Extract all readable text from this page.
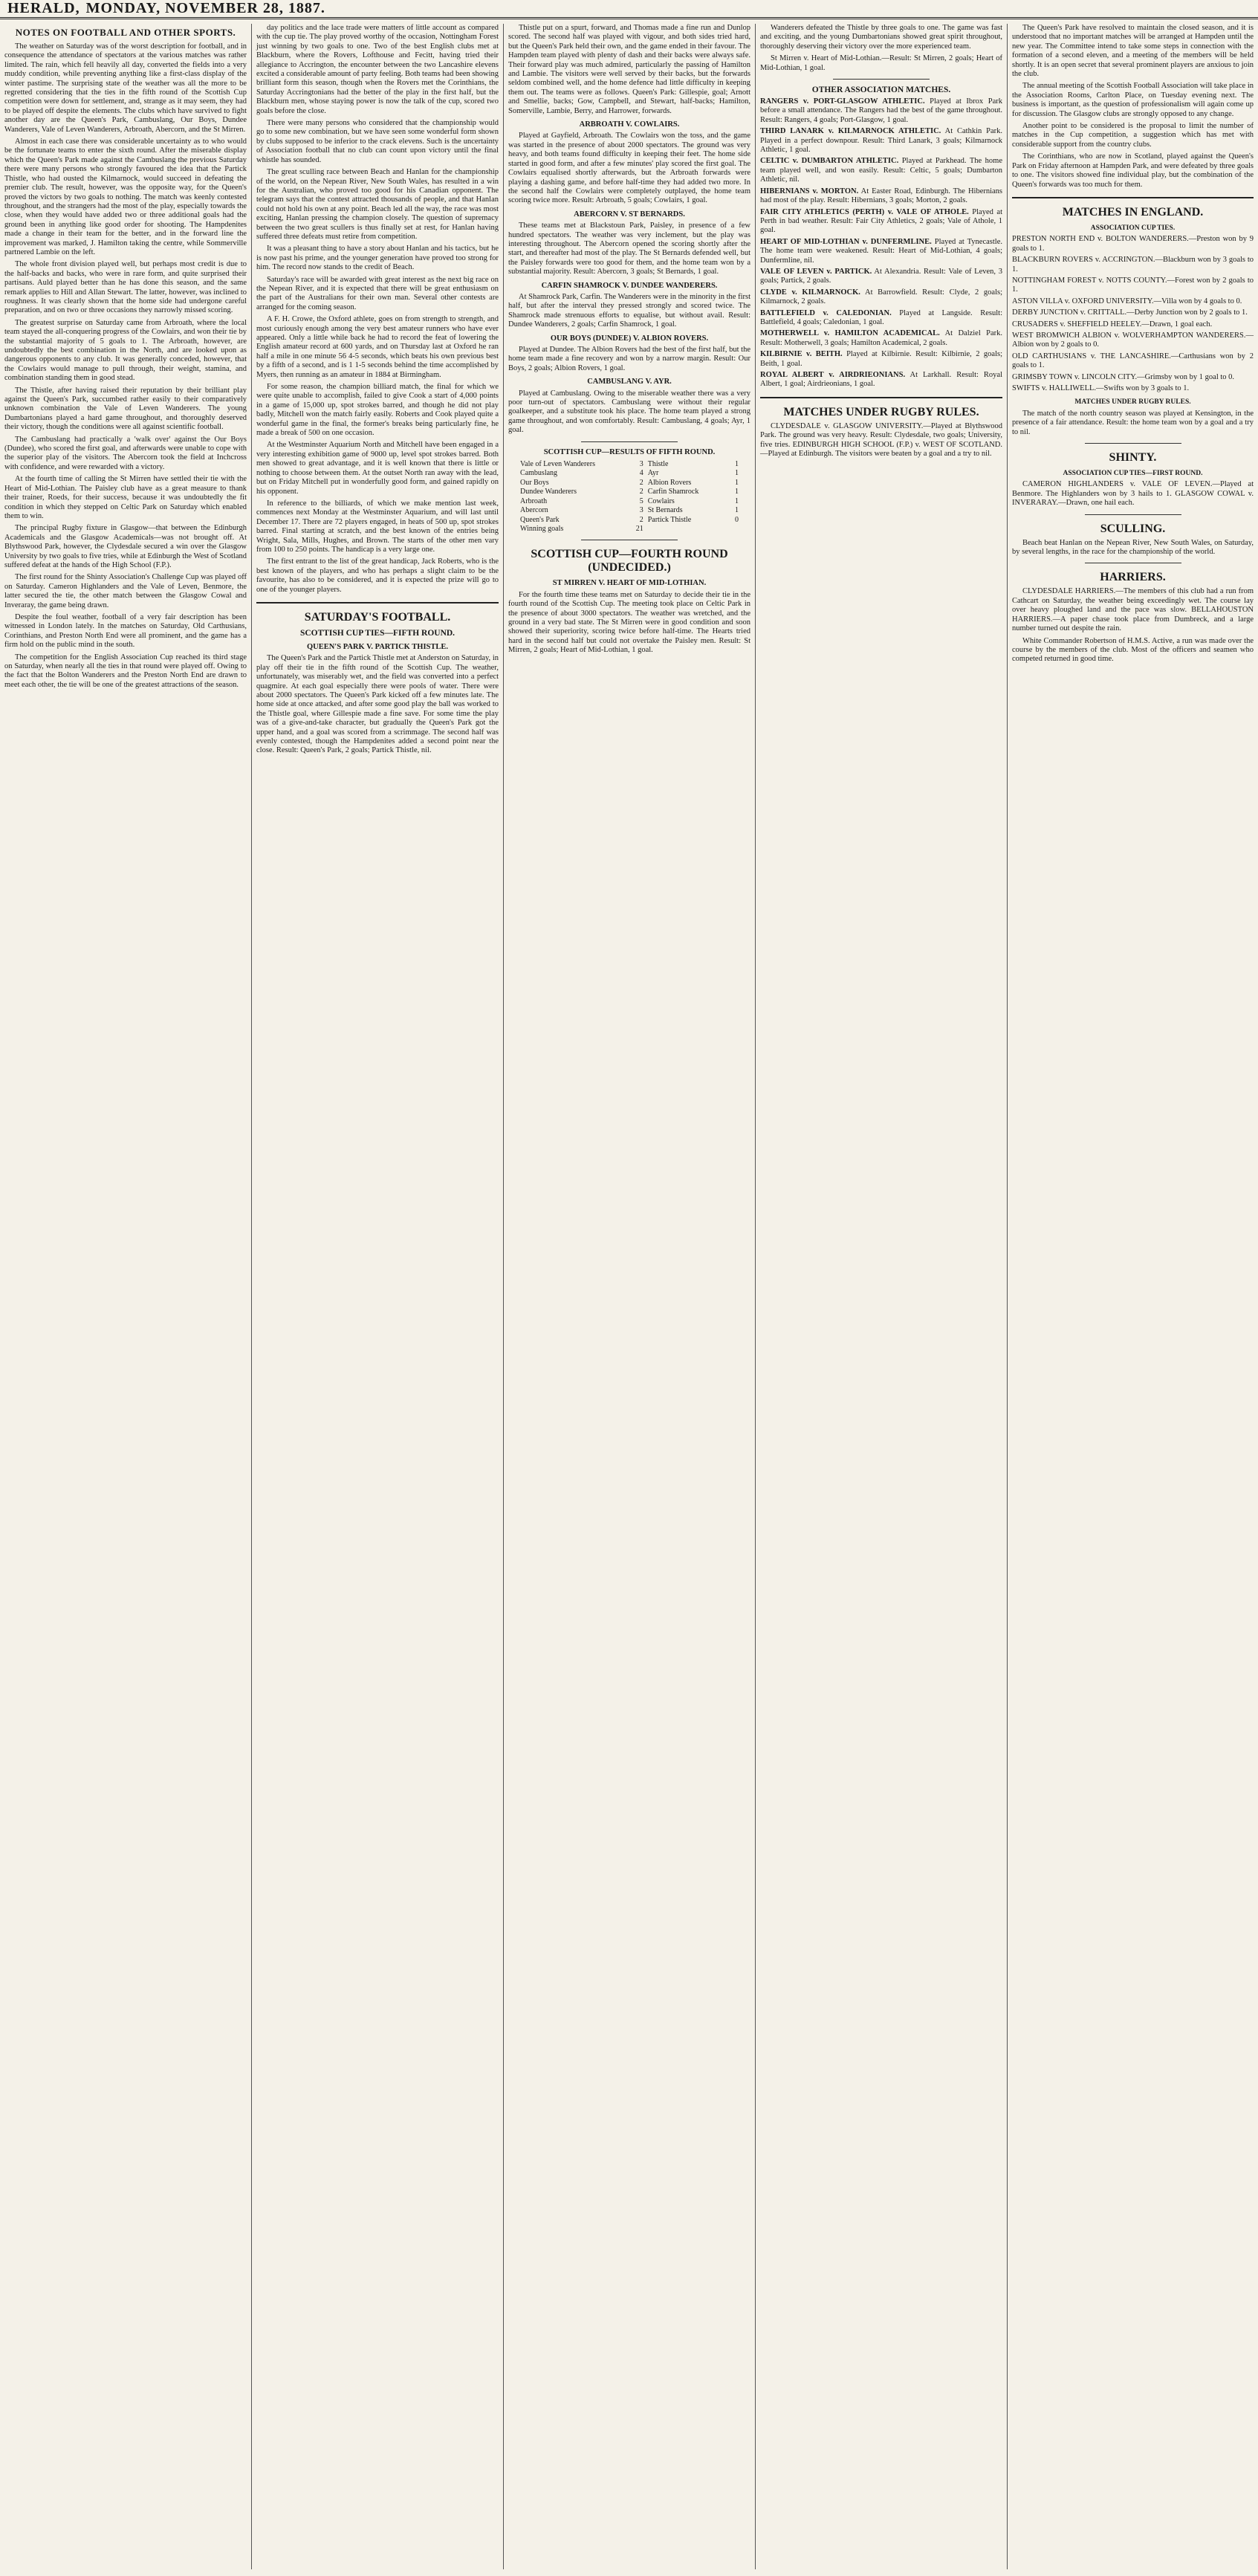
HERALD, MONDAY, NOVEMBER 28, 1887.
NOTES ON FOOTBALL AND OTHER SPORTS.

The weather on Saturday was of the worst description for football, and in consequence the attendance of spectators at the various matches was rather limited. The rain, which fell heavily all day, converted the fields into a very muddy condition, while preventing anything like a first-class display of the winter pastime. The surprising state of the weather was all the more to be regretted considering that the ties in the fifth round of the Scottish Cup competition were down for settlement, and, strange as it may seem, they had to be played off despite the elements. The clubs which have survived to fight another day are the Queen's Park, Cambuslang, Our Boys, Dundee Wanderers, Vale of Leven Wanderers, Arbroath, Abercorn, and the St Mirren.

Almost in each case there was considerable uncertainty as to who would be the fortunate teams to enter the sixth round. After the miserable display which the Queen's Park made against the Cambuslang the previous Saturday there were many persons who strongly favoured the idea that the Partick Thistle, who had ousted the Kilmarnock, would succeed in defeating the premier club. The result, however, was the opposite way, for the Queen's proved the victors by two goals to nothing. The match was keenly contested throughout, and the strangers had the most of the play, especially towards the close, when they would have added two or three additional goals had the ground been in anything like good order for shooting. The Hampdenites made a change in their team for the better, and in the forward line the improvement was marked, J. Hamilton taking the centre, while Sommerville partnered Lambie on the left.

The whole front division played well, but perhaps most credit is due to the half-backs and backs, who were in rare form, and quite surprised their partisans. Auld played better than he has done this season, and the same remark applies to Hill and Allan Stewart. The latter, however, was inclined to roughness. It was clearly shown that the home side had undergone careful preparation, and on two or three occasions they narrowly missed scoring.

The greatest surprise on Saturday came from Arbroath, where the local team stayed the all-conquering progress of the Cowlairs, and won their tie by the substantial majority of 5 goals to 1. The Arbroath, however, are undoubtedly the best combination in the North, and are looked upon as dangerous opponents to any club. It was generally conceded, however, that the Cowlairs would manage to pull through, their weight, stamina, and combination standing them in good stead.

The Thistle, after having raised their reputation by their brilliant play against the Queen's Park, succumbed rather easily to their comparatively unknown combination the Vale of Leven Wanderers. The young Dumbartonians played a hard game throughout, and thoroughly deserved their victory, though the conditions were all against scientific football.

The Cambuslang had practically a 'walk over' against the Our Boys (Dundee), who scored the first goal, and afterwards were unable to cope with the superior play of the visitors. The Abercorn took the field at Inchcross with confidence, and were rewarded with a victory.

At the fourth time of calling the St Mirren have settled their tie with the Heart of Mid-Lothian. The Paisley club have as a great measure to thank their trainer, Roeds, for their success, because it was undoubtedly the fit condition in which they stepped on Celtic Park on Saturday which enabled them to win.

The principal Rugby fixture in Glasgow—that between the Edinburgh Academicals and the Glasgow Academicals—was not brought off. At Blythswood Park, however, the Clydesdale secured a win over the Glasgow University by two goals to five tries, while at Edinburgh the West of Scotland suffered defeat at the hands of the High School (F.P.).

The first round for the Shinty Association's Challenge Cup was played off on Saturday. Cameron Highlanders and the Vale of Leven, Benmore, the latter secured the tie, the other match between the Glasgow Cowal and Inveraray, the game being drawn.

Despite the foul weather, football of a very fair description has been witnessed in London lately. In the matches on Saturday, Old Carthusians, Corinthians, and Preston North End were all prominent, and the game has a firm hold on the public mind in the south.

The competition for the English Association Cup reached its third stage on Saturday, when nearly all the ties in that round were played off. Owing to the fact that the Bolton Wanderers and the Preston North End are drawn to meet each other, the tie will be one of the greatest attractions of the season.

day politics and the lace trade were matters of little account as compared with the cup tie. The play proved worthy of the occasion, Nottingham Forest just winning by two goals to one. Two of the best English clubs met at Blackburn, where the Rovers, Lofthouse and Fecitt, having tried their allegiance to Accrington, the encounter between the two Lancashire elevens excited a considerable amount of party feeling. Both teams had been showing brilliant form this season, though when the Rovers met the Corinthians, the Saturday Accringtonians had the better of the play in the first half, but the Blackburn men, whose staying power is now the talk of the cup, scored two goals before the close.

There were many persons who considered that the championship would go to some new combination, but we have seen some wonderful form shown by clubs supposed to be inferior to the crack elevens. Such is the uncertainty of Association football that no club can count upon victory until the final whistle has sounded.

The great sculling race between Beach and Hanlan for the championship of the world, on the Nepean River, New South Wales, has resulted in a win for the Australian, who proved too good for his Canadian opponent. The telegram says that the contest attracted thousands of people, and that Hanlan could not hold his own at any point. Beach led all the way, the race was most exciting, Hanlan pressing the champion closely. The question of supremacy between the two great scullers is thus finally set at rest, for Hanlan having suffered three defeats must retire from competition.

It was a pleasant thing to have a story about Hanlan and his tactics, but he is now past his prime, and the younger generation have proved too strong for him. The record now stands to the credit of Beach.

Saturday's race will be awarded with great interest as the next big race on the Nepean River, and it is expected that there will be great enthusiasm on the part of the Australians for their own man. Several other contests are arranged for the coming season.

A F. H. Crowe, the Oxford athlete, goes on from strength to strength, and most curiously enough among the very best amateur runners who have ever appeared. Only a little while back he had to record the feat of lowering the English amateur record at 600 yards, and on Thursday last at Oxford he ran half a mile in one minute 56 4-5 seconds, which beats his own previous best by a fifth of a second, and is 1 1-5 seconds behind the time accomplished by Myers, then running as an amateur in 1884 at Birmingham.

For some reason, the champion billiard match, the final for which we were quite unable to accomplish, failed to give Cook a start of 4,000 points in a game of 15,000 up, spot strokes barred, and though he did not play badly, Mitchell won the match fairly easily. Roberts and Cook played quite a wonderful game in the final, the former's breaks being particularly fine, he made a break of 500 on one occasion.

At the Westminster Aquarium North and Mitchell have been engaged in a very interesting exhibition game of 9000 up, level spot strokes barred. Both men showed to great advantage, and it is well known that there is little or nothing to choose between them. At the outset North ran away with the lead, but on Friday Mitchell put in wonderfully good form, and gained rapidly on his opponent.

In reference to the billiards, of which we make mention last week, commences next Monday at the Westminster Aquarium, and will last until December 17. There are 72 players engaged, in heats of 500 up, spot strokes barred. Final starting at scratch, and the best known of the entries being Wright, Sala, Mills, Hughes, and Brown. The starts of the other men vary from 100 to 250 points. The handicap is a very large one.

The first entrant to the list of the great handicap, Jack Roberts, who is the best known of the players, and who has perhaps a slight claim to be the favourite, has also to be considered, and it is expected the prize will go to one of the younger players.

SATURDAY'S FOOTBALL.
SCOTTISH CUP TIES—FIFTH ROUND.
QUEEN'S PARK V. PARTICK THISTLE.

The Queen's Park and the Partick Thistle met at Anderston on Saturday, in play off their tie in the fifth round of the Scottish Cup. The weather, unfortunately, was miserably wet, and the field was converted into a perfect quagmire. At each goal especially there were pools of water. There were about 2000 spectators. The Queen's Park kicked off a few minutes late. The home side at once attacked, and after some good play the ball was worked to the Thistle goal, where Gillespie made a fine save. For some time the play was of a give-and-take character, but gradually the Queen's Park got the upper hand, and a goal was scored from a scrimmage. The second half was evenly contested, though the Hampdenites added a second point near the close. Result: Queen's Park, 2 goals; Partick Thistle, nil.

Thistle put on a spurt, forward, and Thomas made a fine run and Dunlop scored. The second half was played with vigour, and both sides tried hard, but the Queen's Park held their own, and the game ended in their favour. The Hampden team played with plenty of dash and their backs were always safe. Their forward play was much admired, particularly the passing of Hamilton and Lambie. The visitors were well served by their backs, but the forwards seldom combined well, and the home defence had little difficulty in keeping them out. The teams were as follows. Queen's Park: Gillespie, goal; Arnott and Smellie, backs; Gow, Campbell, and Stewart, half-backs; Hamilton, Somerville, Lambie, Berry, and Harrower, forwards.

ARBROATH V. COWLAIRS.

Played at Gayfield, Arbroath. The Cowlairs won the toss, and the game was started in the presence of about 2000 spectators. The ground was very heavy, and both teams found difficulty in keeping their feet. The home side started in good form, and after a few minutes' play scored the first goal. The Cowlairs equalised shortly afterwards, but the Arbroath forwards were playing a dashing game, and before half-time they had added two more. In the second half the Cowlairs were completely outplayed, the home team scoring twice more. Result: Arbroath, 5 goals; Cowlairs, 1 goal.

ABERCORN V. ST BERNARDS.

These teams met at Blackstoun Park, Paisley, in presence of a few hundred spectators. The weather was very inclement, but the play was interesting throughout. The Abercorn opened the scoring shortly after the start, and thereafter had most of the play. The St Bernards defended well, but the Paisley forwards were too good for them, and the home team won by a substantial majority. Result: Abercorn, 3 goals; St Bernards, 1 goal.

CARFIN SHAMROCK V. DUNDEE WANDERERS.

At Shamrock Park, Carfin. The Wanderers were in the minority in the first half, but after the interval they pressed strongly and scored twice. The Shamrock made strenuous efforts to equalise, but without avail. Result: Dundee Wanderers, 2 goals; Carfin Shamrock, 1 goal.

OUR BOYS (DUNDEE) V. ALBION ROVERS.

Played at Dundee. The Albion Rovers had the best of the first half, but the home team made a fine recovery and won by a narrow margin. Result: Our Boys, 2 goals; Albion Rovers, 1 goal.

CAMBUSLANG V. AYR.

Played at Cambuslang. Owing to the miserable weather there was a very poor turn-out of spectators. Cambuslang were without their regular goalkeeper, and a substitute took his place. The home team played a strong game throughout, and won comfortably. Result: Cambuslang, 4 goals; Ayr, 1 goal.

SCOTTISH CUP—RESULTS OF FIFTH ROUND.
Vale of Leven Wanderers	3	Thistle	1
Cambuslang	4	Ayr	1
Our Boys	2	Albion Rovers	1
Dundee Wanderers	2	Carfin Shamrock	1
Arbroath	5	Cowlairs	1
Abercorn	3	St Bernards	1
Queen's Park	2	Partick Thistle	0
Winning goals	21		
SCOTTISH CUP—FOURTH ROUND (UNDECIDED.)
ST MIRREN V. HEART OF MID-LOTHIAN.

For the fourth time these teams met on Saturday to decide their tie in the fourth round of the Scottish Cup. The meeting took place on Celtic Park in the presence of about 3000 spectators. The weather was wretched, and the ground in a very bad state. The St Mirren were in good condition and soon showed their superiority, scoring twice before half-time. The Hearts tried hard in the second half but could not overtake the Paisley men. Result: St Mirren, 2 goals; Heart of Mid-Lothian, 1 goal.

Wanderers defeated the Thistle by three goals to one. The game was fast and exciting, and the young Dumbartonians showed great spirit throughout, thoroughly deserving their victory over the more experienced team.

St Mirren v. Heart of Mid-Lothian.—Result: St Mirren, 2 goals; Heart of Mid-Lothian, 1 goal.

OTHER ASSOCIATION MATCHES.

RANGERS v. PORT-GLASGOW ATHLETIC. Played at Ibrox Park before a small attendance. The Rangers had the best of the game throughout. Result: Rangers, 4 goals; Port-Glasgow, 1 goal.

THIRD LANARK v. KILMARNOCK ATHLETIC. At Cathkin Park. Played in a perfect downpour. Result: Third Lanark, 3 goals; Kilmarnock Athletic, 1 goal.

CELTIC v. DUMBARTON ATHLETIC. Played at Parkhead. The home team played well, and won easily. Result: Celtic, 5 goals; Dumbarton Athletic, nil.

HIBERNIANS v. MORTON. At Easter Road, Edinburgh. The Hibernians had most of the play. Result: Hibernians, 3 goals; Morton, 2 goals.

FAIR CITY ATHLETICS (PERTH) v. VALE OF ATHOLE. Played at Perth in bad weather. Result: Fair City Athletics, 2 goals; Vale of Athole, 1 goal.

HEART OF MID-LOTHIAN v. DUNFERMLINE. Played at Tynecastle. The home team were weakened. Result: Heart of Mid-Lothian, 4 goals; Dunfermline, nil.

VALE OF LEVEN v. PARTICK. At Alexandria. Result: Vale of Leven, 3 goals; Partick, 2 goals.

CLYDE v. KILMARNOCK. At Barrowfield. Result: Clyde, 2 goals; Kilmarnock, 2 goals.

BATTLEFIELD v. CALEDONIAN. Played at Langside. Result: Battlefield, 4 goals; Caledonian, 1 goal.

MOTHERWELL v. HAMILTON ACADEMICAL. At Dalziel Park. Result: Motherwell, 3 goals; Hamilton Academical, 2 goals.

KILBIRNIE v. BEITH. Played at Kilbirnie. Result: Kilbirnie, 2 goals; Beith, 1 goal.

ROYAL ALBERT v. AIRDRIEONIANS. At Larkhall. Result: Royal Albert, 1 goal; Airdrieonians, 1 goal.

MATCHES UNDER RUGBY RULES.

CLYDESDALE v. GLASGOW UNIVERSITY.—Played at Blythswood Park. The ground was very heavy. Result: Clydesdale, two goals; University, five tries. EDINBURGH HIGH SCHOOL (F.P.) v. WEST OF SCOTLAND.—Played at Edinburgh. The visitors were beaten by a goal and a try to nil.

The Queen's Park have resolved to maintain the closed season, and it is understood that no important matches will be arranged at Hampden until the new year. The Committee intend to take some steps in connection with the formation of a second eleven, and a meeting of the members will be held shortly. It is an open secret that several prominent players are anxious to join the club.

The annual meeting of the Scottish Football Association will take place in the Association Rooms, Carlton Place, on Tuesday evening next. The business is important, as the question of professionalism will again come up for discussion. The Glasgow clubs are strongly opposed to any change.

Another point to be considered is the proposal to limit the number of matches in the Cup competition, a suggestion which has met with considerable support from the country clubs.

The Corinthians, who are now in Scotland, played against the Queen's Park on Friday afternoon at Hampden Park, and were defeated by three goals to one. The visitors showed fine individual play, but the combination of the Queen's forwards was too much for them.

MATCHES IN ENGLAND.
ASSOCIATION CUP TIES.

PRESTON NORTH END v. BOLTON WANDERERS.—Preston won by 9 goals to 1.

BLACKBURN ROVERS v. ACCRINGTON.—Blackburn won by 3 goals to 1.

NOTTINGHAM FOREST v. NOTTS COUNTY.—Forest won by 2 goals to 1.

ASTON VILLA v. OXFORD UNIVERSITY.—Villa won by 4 goals to 0.

DERBY JUNCTION v. CRITTALL.—Derby Junction won by 2 goals to 1.

CRUSADERS v. SHEFFIELD HEELEY.—Drawn, 1 goal each.

WEST BROMWICH ALBION v. WOLVERHAMPTON WANDERERS.—Albion won by 2 goals to 0.

OLD CARTHUSIANS v. THE LANCASHIRE.—Carthusians won by 2 goals to 1.

GRIMSBY TOWN v. LINCOLN CITY.—Grimsby won by 1 goal to 0.

SWIFTS v. HALLIWELL.—Swifts won by 3 goals to 1.

MATCHES UNDER RUGBY RULES.

The match of the north country season was played at Kensington, in the presence of a fair attendance. Result: the home team won by a goal and a try to nil.

SHINTY.
ASSOCIATION CUP TIES—FIRST ROUND.

CAMERON HIGHLANDERS v. VALE OF LEVEN.—Played at Benmore. The Highlanders won by 3 hails to 1. GLASGOW COWAL v. INVERARAY.—Drawn, one hail each.

SCULLING.

Beach beat Hanlan on the Nepean River, New South Wales, on Saturday, by several lengths, in the race for the championship of the world.

HARRIERS.

CLYDESDALE HARRIERS.—The members of this club had a run from Cathcart on Saturday, the weather being exceedingly wet. The course lay over heavy ploughed land and the pace was slow. BELLAHOUSTON HARRIERS.—A paper chase took place from Dumbreck, and a large number turned out despite the rain.

White Commander Robertson of H.M.S. Active, a run was made over the course by the members of the club. Most of the officers and seamen who competed returned in good time.
